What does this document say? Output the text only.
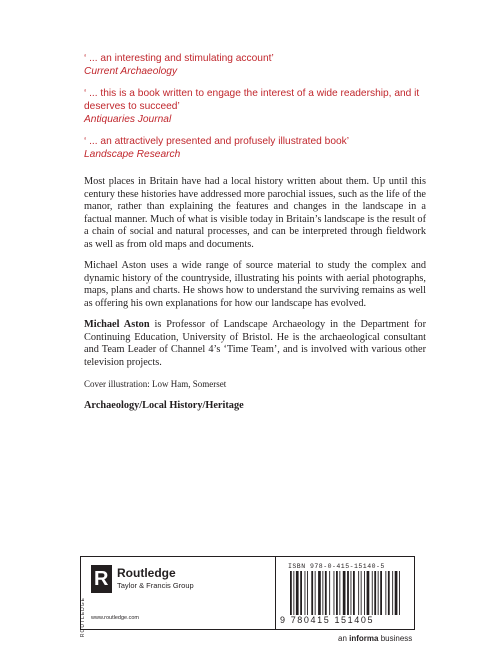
‘ ... an interesting and stimulating account’
Current Archaeology
‘ ... this is a book written to engage the interest of a wide readership, and it deserves to succeed’
Antiquaries Journal
‘ ... an attractively presented and profusely illustrated book’
Landscape Research

Most places in Britain have had a local history written about them. Up until this century these histories have addressed more parochial issues, such as the life of the manor, rather than explaining the features and changes in the landscape in a factual manner. Much of what is visible today in Britain’s landscape is the result of a chain of social and natural processes, and can be interpreted through fieldwork as well as from old maps and documents.

Michael Aston uses a wide range of source material to study the complex and dynamic history of the countryside, illustrating his points with aerial photographs, maps, plans and charts. He shows how to understand the surviving remains as well as offering his own explanations for how our landscape has evolved.

Michael Aston is Professor of Landscape Archaeology in the Department for Continuing Education, University of Bristol. He is the archaeological consultant and Team Leader of Channel 4’s ‘Time Team’, and is involved with various other television projects.

Cover illustration: Low Ham, Somerset
Archaeology/Local History/Heritage
R
ROUTLEDGE
Routledge
Taylor & Francis Group
www.routledge.com
ISBN 978-0-415-15140-5
9 780415 151405
an informa business
